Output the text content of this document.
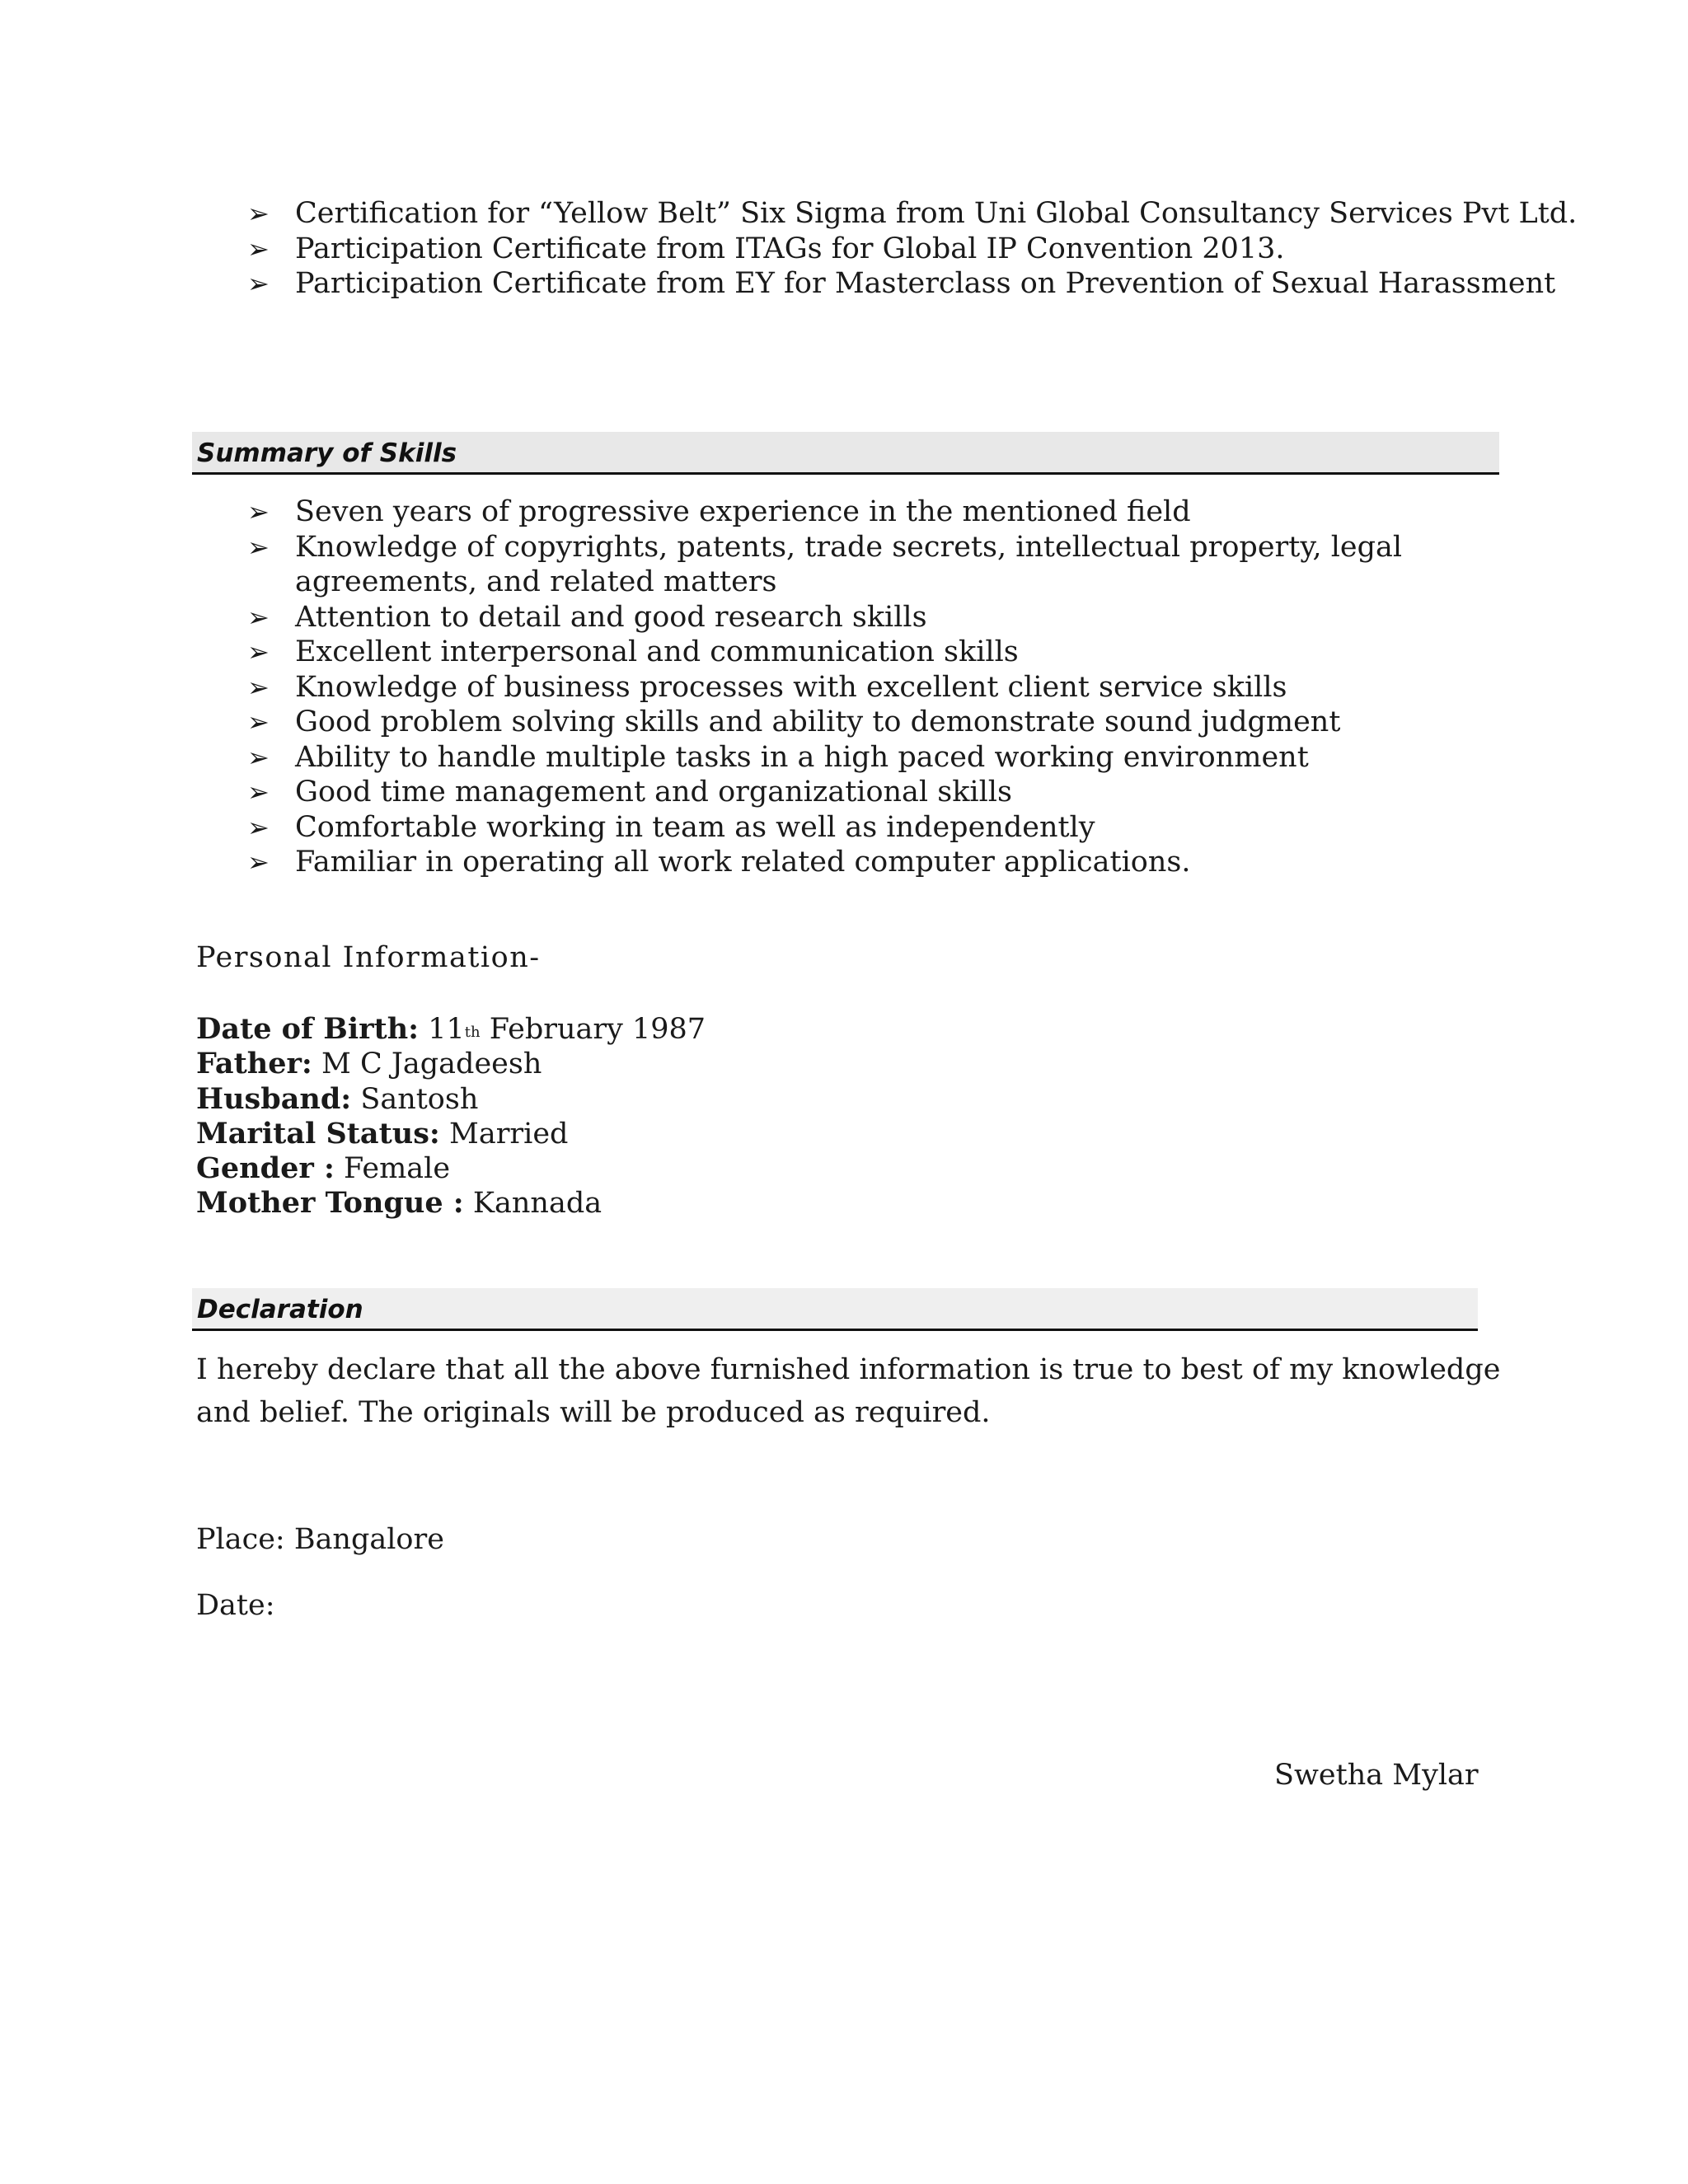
➢ Certification for “Yellow Belt” Six Sigma from Uni Global Consultancy Services Pvt Ltd.
➢ Participation Certificate from ITAGs for Global IP Convention 2013.
➢ Participation Certificate from EY for Masterclass on Prevention of Sexual Harassment
Summary of Skills
➢ Seven years of progressive experience in the mentioned field
➢ Knowledge of copyrights, patents, trade secrets, intellectual property, legal agreements, and related matters
➢ Attention to detail and good research skills
➢ Excellent interpersonal and communication skills
➢ Knowledge of business processes with excellent client service skills
➢ Good problem solving skills and ability to demonstrate sound judgment
➢ Ability to handle multiple tasks in a high paced working environment
➢ Good time management and organizational skills
➢ Comfortable working in team as well as independently
➢ Familiar in operating all work related computer applications.
Personal Information-
Date of Birth: 11th February 1987
Father: M C Jagadeesh
Husband: Santosh
Marital Status: Married
Gender : Female
Mother Tongue : Kannada
Declaration

I hereby declare that all the above furnished information is true to best of my knowledge and belief. The originals will be produced as required.

Place: Bangalore

Date:

Swetha Mylar
